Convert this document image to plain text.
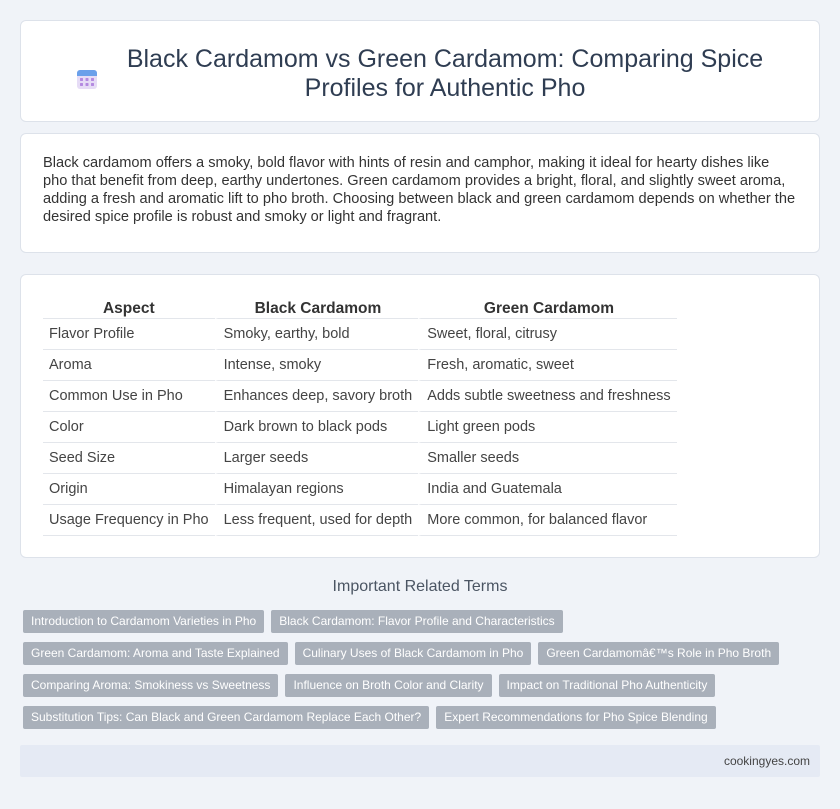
Black Cardamom vs Green Cardamom: Comparing Spice Profiles for Authentic Pho

Black cardamom offers a smoky, bold flavor with hints of resin and camphor, making it ideal for hearty dishes like pho that benefit from deep, earthy undertones. Green cardamom provides a bright, floral, and slightly sweet aroma, adding a fresh and aromatic lift to pho broth. Choosing between black and green cardamom depends on whether the desired spice profile is robust and smoky or light and fragrant.

Aspect	Black Cardamom	Green Cardamom
Flavor Profile	Smoky, earthy, bold	Sweet, floral, citrusy
Aroma	Intense, smoky	Fresh, aromatic, sweet
Common Use in Pho	Enhances deep, savory broth	Adds subtle sweetness and freshness
Color	Dark brown to black pods	Light green pods
Seed Size	Larger seeds	Smaller seeds
Origin	Himalayan regions	India and Guatemala
Usage Frequency in Pho	Less frequent, used for depth	More common, for balanced flavor
Important Related Terms
Introduction to Cardamom Varieties in Pho	Black Cardamom: Flavor Profile and Characteristics
Green Cardamom: Aroma and Taste Explained	Culinary Uses of Black Cardamom in Pho	Green Cardamomâ€™s Role in Pho Broth
Comparing Aroma: Smokiness vs Sweetness	Influence on Broth Color and Clarity	Impact on Traditional Pho Authenticity
Substitution Tips: Can Black and Green Cardamom Replace Each Other?	Expert Recommendations for Pho Spice Blending
cookingyes.com
